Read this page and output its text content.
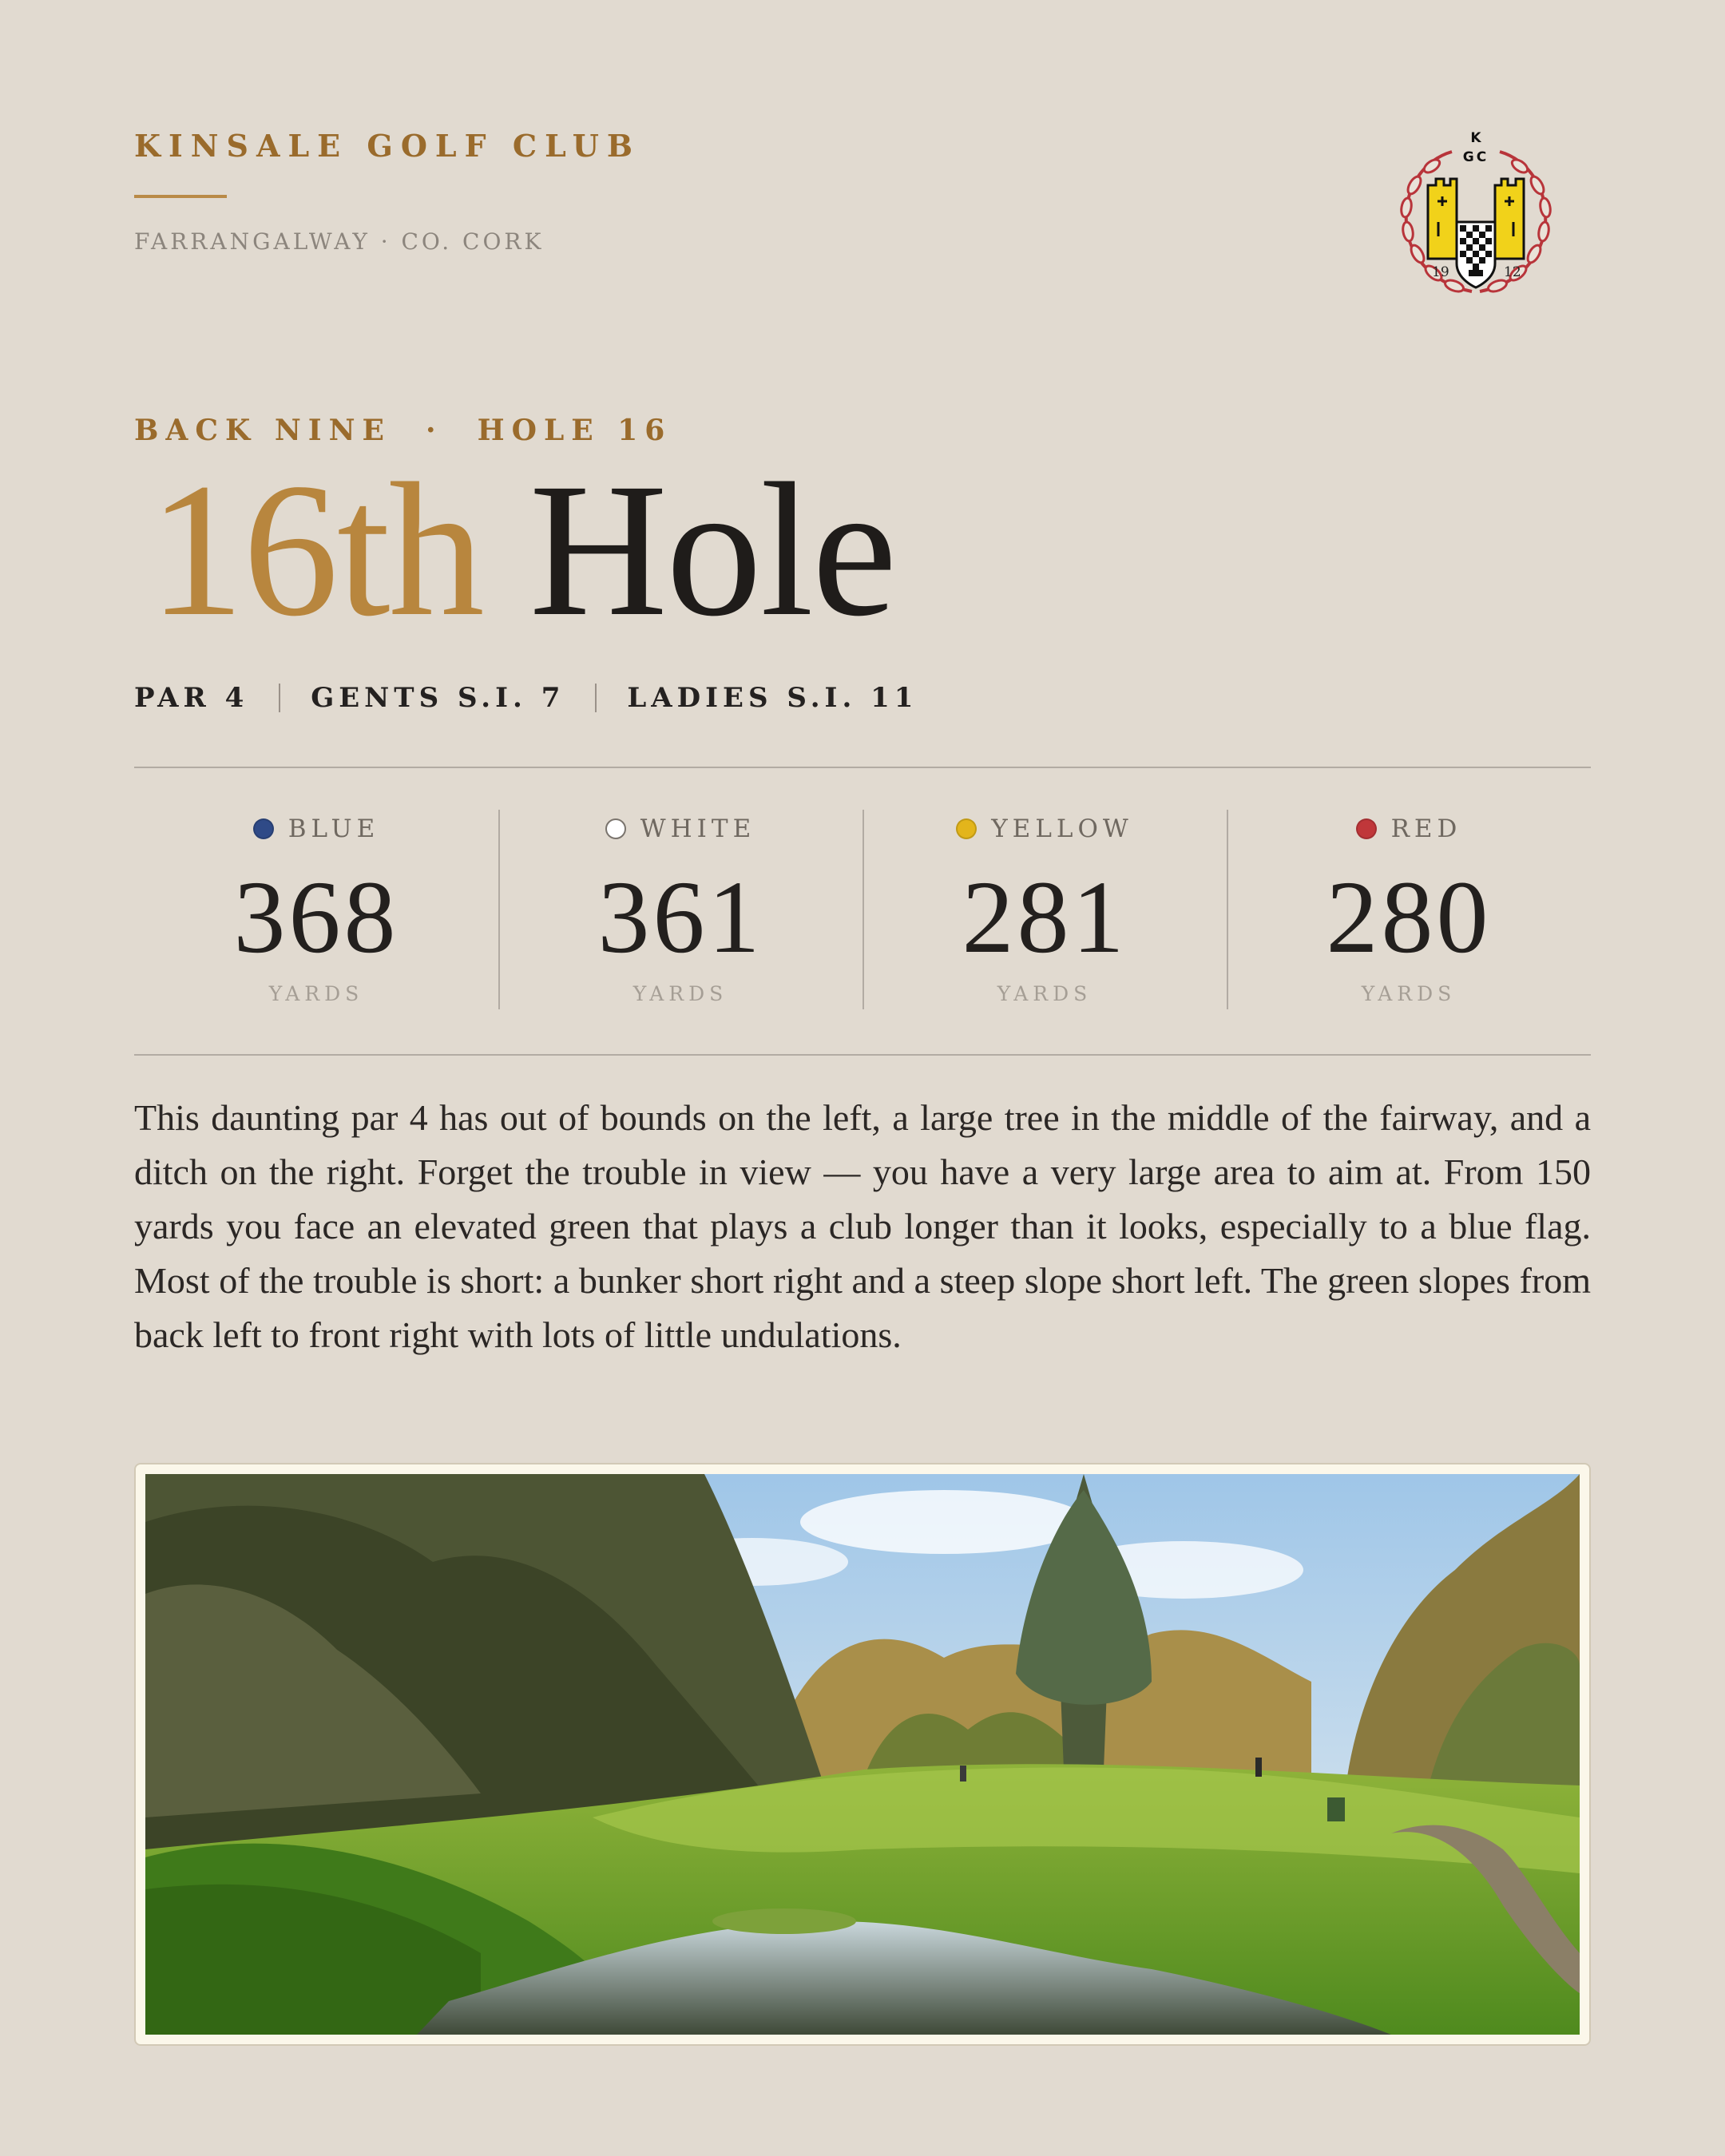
KINSALE GOLF CLUB
FARRANGALWAY · CO. CORK
K
GC
19	12
BACK NINE  ·  HOLE 16
16th Hole
PAR 4 GENTS S.I. 7 LADIES S.I. 11
BLUE
368
YARDS
WHITE
361
YARDS
YELLOW
281
YARDS
RED
280
YARDS

This daunting par 4 has out of bounds on the left, a large tree in the middle of the fairway, and a ditch on the right. Forget the trouble in view — you have a very large area to aim at. From 150 yards you face an elevated green that plays a club longer than it looks, especially to a blue flag. Most of the trouble is short: a bunker short right and a steep slope short left. The green slopes from back left to front right with lots of little undulations.
